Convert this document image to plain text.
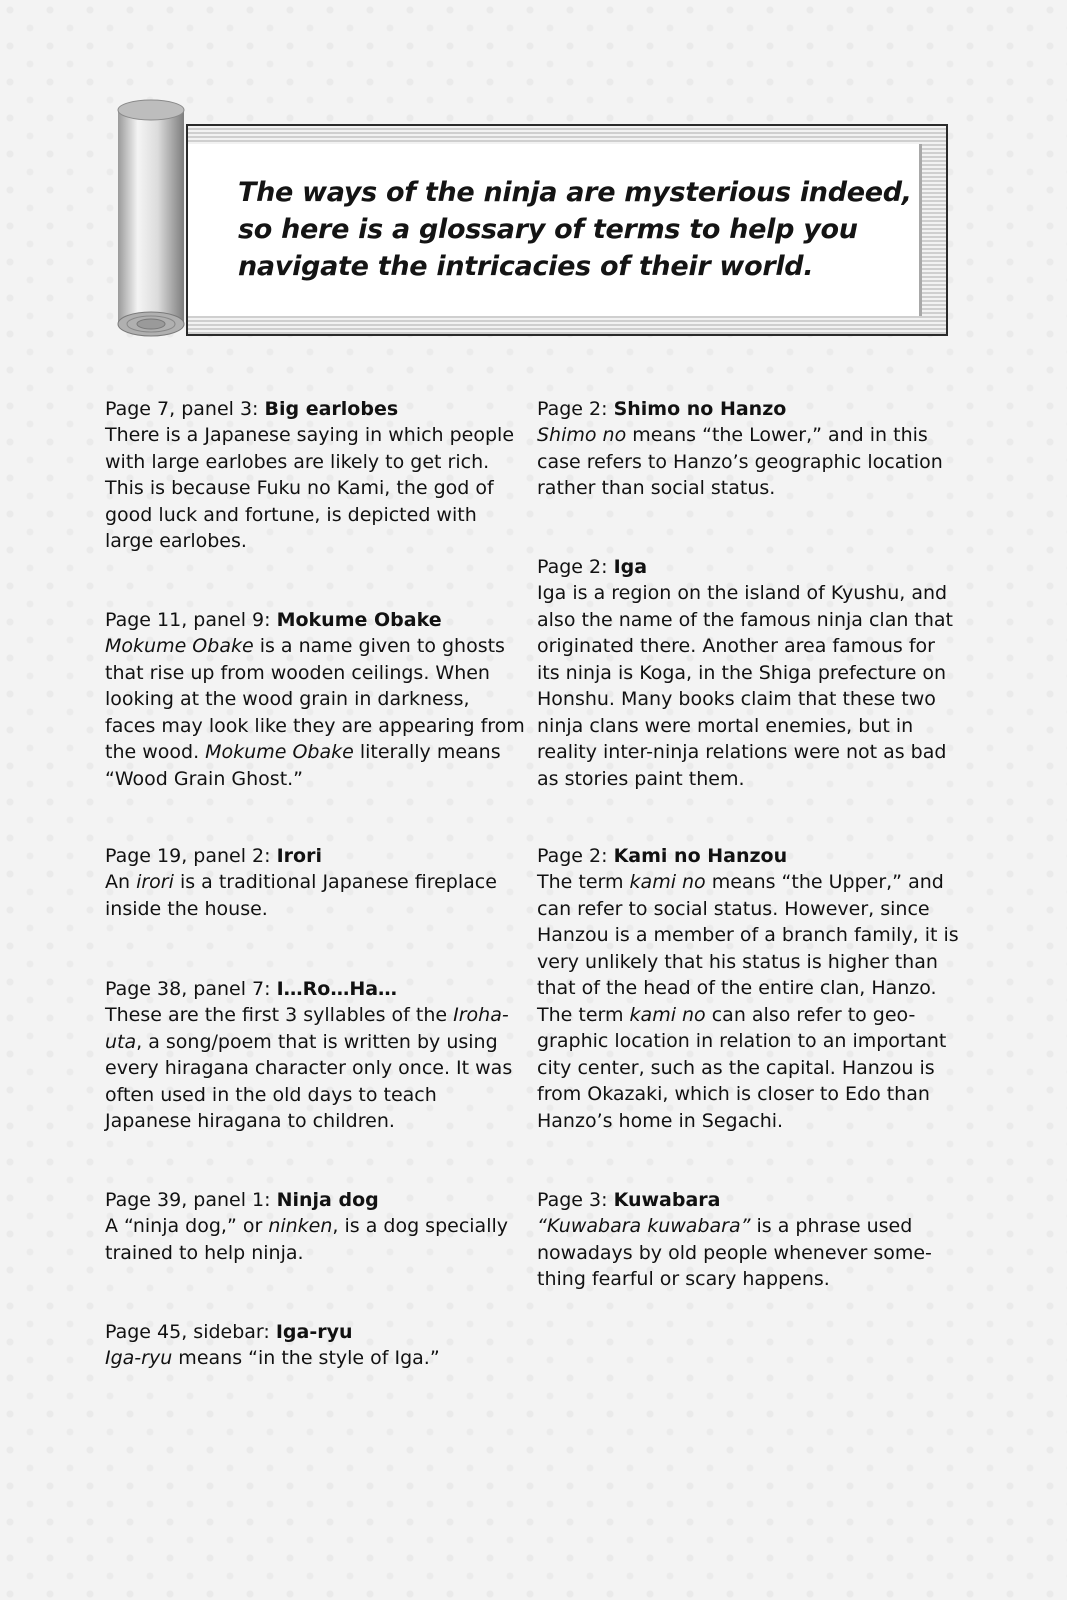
The ways of the ninja are mysterious indeed, so here is a glossary of terms to help you navigate the intricacies of their world.

Page 7, panel 3: Big earlobes

There is a Japanese saying in which people with large earlobes are likely to get rich. This is because Fuku no Kami, the god of good luck and fortune, is depicted with large earlobes.

Page 11, panel 9: Mokume Obake

Mokume Obake is a name given to ghosts that rise up from wooden ceilings. When looking at the wood grain in darkness, faces may look like they are appearing from the wood. Mokume Obake literally means “Wood Grain Ghost.”

Page 19, panel 2: Irori

An irori is a traditional Japanese fireplace inside the house.

Page 38, panel 7: I…Ro…Ha…

These are the first 3 syllables of the Iroha-uta, a song/poem that is written by using every hiragana character only once. It was often used in the old days to teach Japanese hiragana to children.

Page 39, panel 1: Ninja dog

A “ninja dog,” or ninken, is a dog specially trained to help ninja.

Page 45, sidebar: Iga-ryu

Iga-ryu means “in the style of Iga.”

Page 2: Shimo no Hanzo

Shimo no means “the Lower,” and in this case refers to Hanzo’s geographic location rather than social status.

Page 2: Iga

Iga is a region on the island of Kyushu, and also the name of the famous ninja clan that originated there. Another area famous for its ninja is Koga, in the Shiga prefecture on Honshu. Many books claim that these two ninja clans were mortal enemies, but in reality inter-ninja relations were not as bad as stories paint them.

Page 2: Kami no Hanzou

The term kami no means “the Upper,” and can refer to social status. However, since Hanzou is a member of a branch family, it is very unlikely that his status is higher than that of the head of the entire clan, Hanzo. The term kami no can also refer to geo-graphic location in relation to an important city center, such as the capital. Hanzou is from Okazaki, which is closer to Edo than Hanzo’s home in Segachi.

Page 3: Kuwabara

“Kuwabara kuwabara” is a phrase used nowadays by old people whenever some-thing fearful or scary happens.
